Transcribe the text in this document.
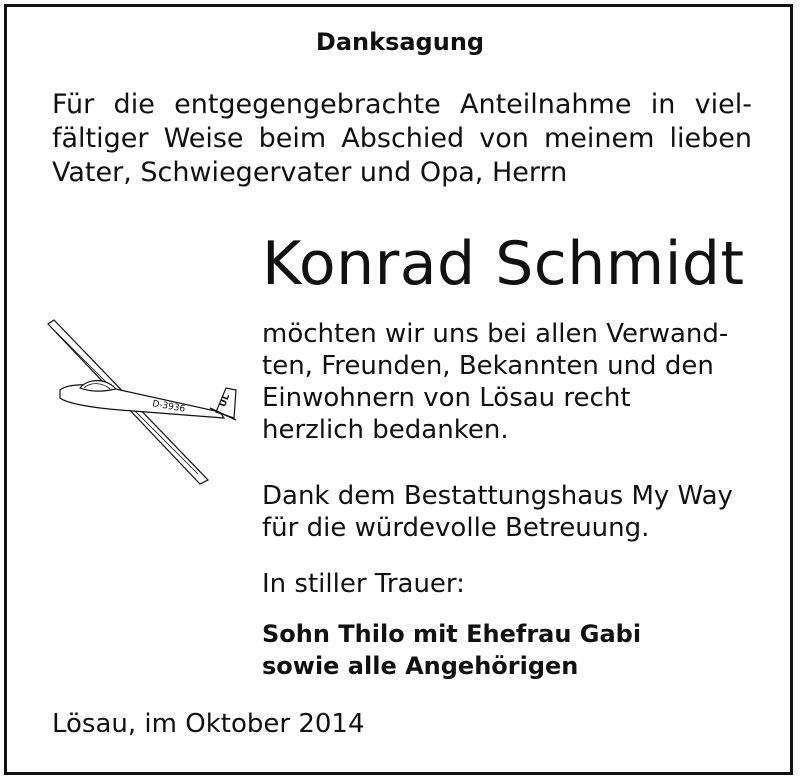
Danksagung
Für die entgegengebrachte Anteilnahme in viel-
fältiger Weise beim Abschied von meinem lieben
Vater, Schwiegervater und Opa, Herrn
Konrad Schmidt
D-3936	UL
möchten wir uns bei allen Verwand-
ten, Freunden, Bekannten und den
Einwohnern von Lösau recht
herzlich bedanken.
Dank dem Bestattungshaus My Way
für die würdevolle Betreuung.
In stiller Trauer:
Sohn Thilo mit Ehefrau Gabi
sowie alle Angehörigen
Lösau, im Oktober 2014
